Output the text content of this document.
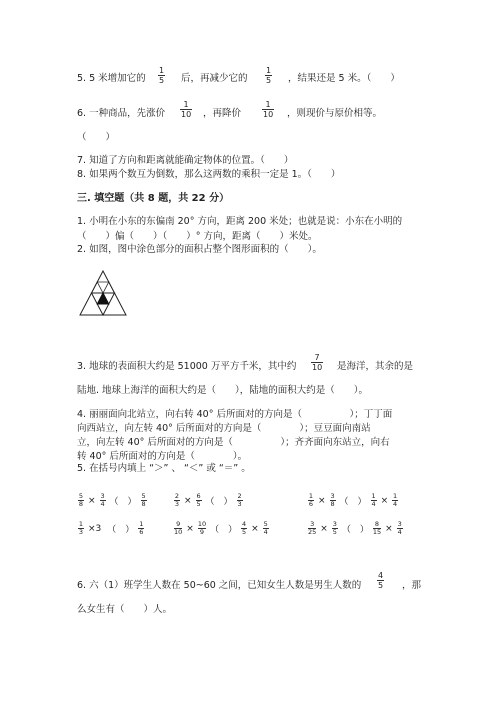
5. 5 米增加它的
1
5 后，再减少它的
1
5 ，结果还是 5 米。（　　）
6. 一种商品，先涨价
1
10 ，再降价
1
10 ，则现价与原价相等。
（　　）
7. 知道了方向和距离就能确定物体的位置。（　　）
8. 如果两个数互为倒数，那么这两数的乘积一定是 1。（　　）
三. 填空题（共 8 题，共 22 分）
1. 小明在小东的东偏南 20° 方向，距离 200 米处；也就是说：小东在小明的
（　　）偏（　　）（　　）° 方向，距离（　　）米处。
2. 如图，图中涂色部分的面积占整个图形面积的（　　）。
3. 地球的表面积大约是 51000 万平方千米，其中约
7
10 是海洋，其余的是
陆地. 地球上海洋的面积大约是（　　），陆地的面积大约是（　　）。
4. 丽丽面向北站立，向右转 40° 后所面对的方向是（　　　　　）；丁丁面
向西站立，向左转 40° 后所面对的方向是（　　　　）；豆豆面向南站
立，向左转 40° 后所面对的方向是（　　　　　）；齐齐面向东站立，向右
转 40° 后所面对的方向是（　　　　）。
5. 在括号内填上 “＞” 、 “＜” 或 “＝” 。
5
8 × 3
4 （　）
5
8
2
3 × 6
5 （　）
2
3
1
6 × 3
8 （　）
1
4 × 1
4
1
3 ×3 （　）
1
6
9
10 × 10
9 （　）
4
5 × 5
4
3
25 × 3
5 （　）
8
15 × 3
4
6. 六（1）班学生人数在 50~60 之间，已知女生人数是男生人数的
4
5 ，那
么女生有（　　）人。
